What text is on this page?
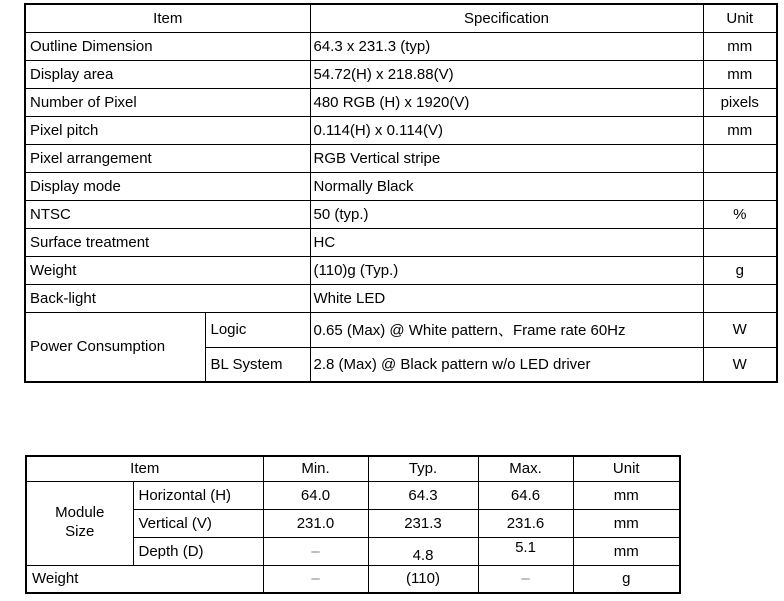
Item		Specification	Unit
Outline Dimension		64.3 x 231.3 (typ)	mm
Display area		54.72(H) x 218.88(V)	mm
Number of Pixel		480 RGB (H) x 1920(V)	pixels
Pixel pitch		0.114(H) x 0.114(V)	mm
Pixel arrangement		RGB Vertical stripe	
Display mode		Normally Black	
NTSC		50 (typ.)	%
Surface treatment		HC	
Weight		(110)g (Typ.)	g
Back-light		White LED	
Power Consumption	Logic	0.65 (Max) @ White pattern、Frame rate 60Hz	W
	BL System	2.8 (Max) @ Black pattern w/o LED driver	W
Item		Min.	Typ.	Max.	Unit
Module Size	Horizontal (H)	64.0	64.3	64.6	mm
	Vertical (V)	231.0	231.3	231.6	mm
	Depth (D)	–	4.8	5.1	mm
Weight		–	(110)	–	g
